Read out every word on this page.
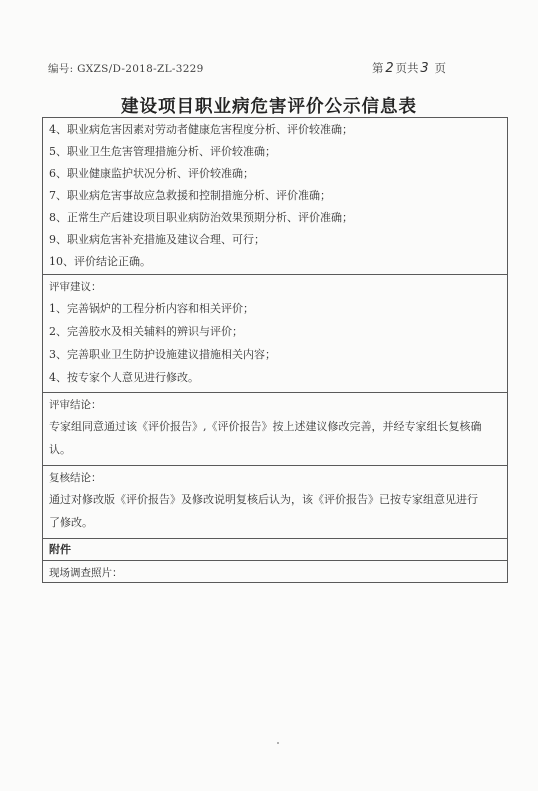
编号: GXZS/D-2018-ZL-3229	第 2 页共 3 页
建设项目职业病危害评价公示信息表
4、职业病危害因素对劳动者健康危害程度分析、评价较准确；
5、职业卫生危害管理措施分析、评价较准确；
6、职业健康监护状况分析、评价较准确；
7、职业病危害事故应急救援和控制措施分析、评价准确；
8、正常生产后建设项目职业病防治效果预期分析、评价准确；
9、职业病危害补充措施及建议合理、可行；
10、评价结论正确。
评审建议：
1、完善锅炉的工程分析内容和相关评价；
2、完善胶水及相关辅料的辨识与评价；
3、完善职业卫生防护设施建议措施相关内容；
4、按专家个人意见进行修改。
评审结论：
专家组同意通过该《评价报告》,《评价报告》按上述建议修改完善，并经专家组长复核确
认。
复核结论：
通过对修改版《评价报告》及修改说明复核后认为，该《评价报告》已按专家组意见进行
了修改。
附件
现场调查照片：
